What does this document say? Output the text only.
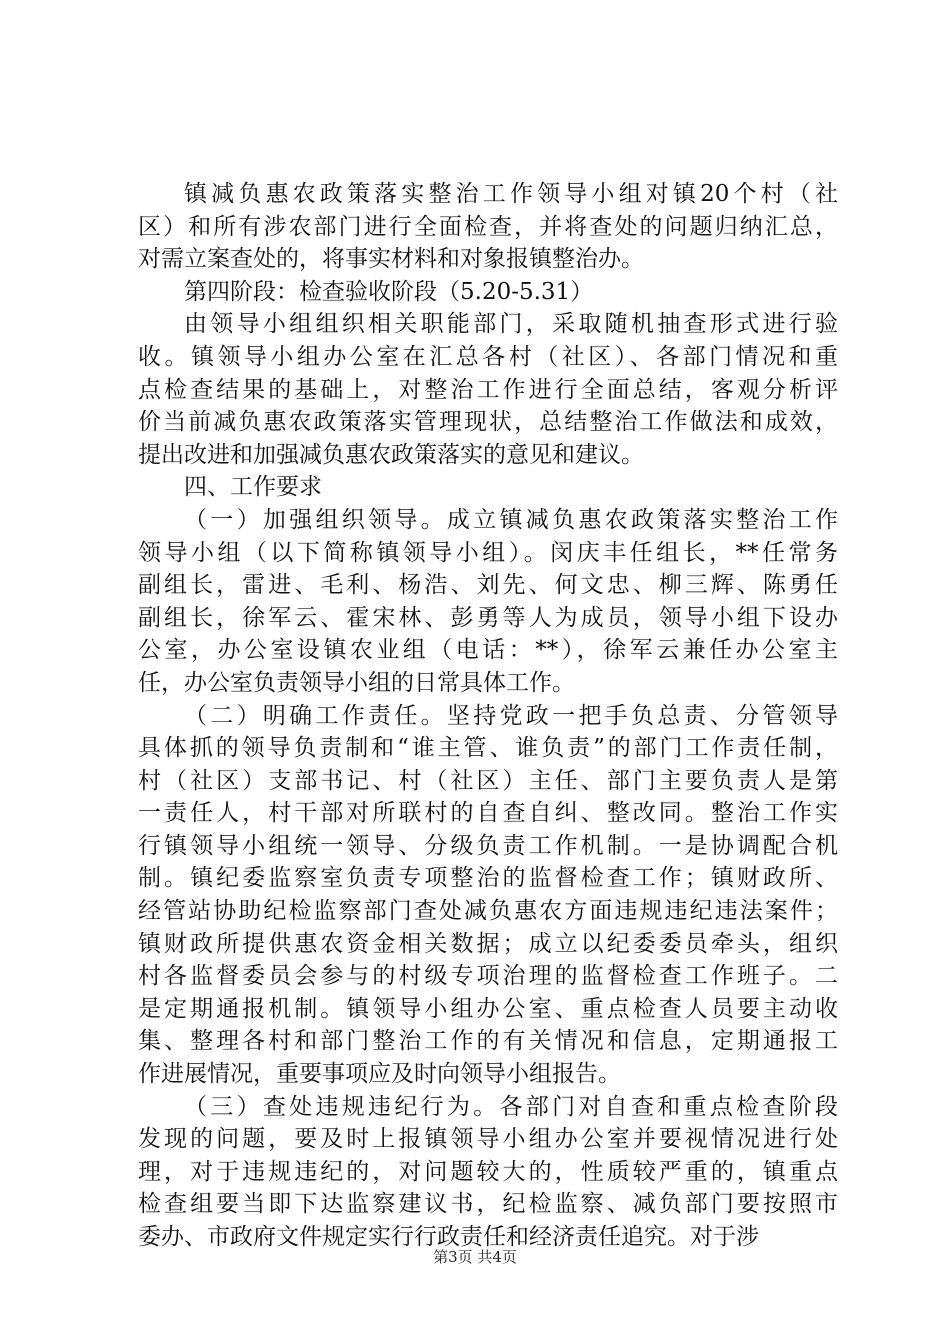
镇减负惠农政策落实整治工作领导小组对镇20个村（社
区）和所有涉农部门进行全面检查，并将查处的问题归纳汇总，
对需立案查处的，将事实材料和对象报镇整治办。
第四阶段：检查验收阶段（5.20-5.31）
由领导小组组织相关职能部门，采取随机抽查形式进行验
收。镇领导小组办公室在汇总各村（社区）、各部门情况和重
点检查结果的基础上，对整治工作进行全面总结，客观分析评
价当前减负惠农政策落实管理现状，总结整治工作做法和成效，
提出改进和加强减负惠农政策落实的意见和建议。
四、工作要求
（一）加强组织领导。成立镇减负惠农政策落实整治工作
领导小组（以下简称镇领导小组）。闵庆丰任组长，**任常务
副组长，雷进、毛利、杨浩、刘先、何文忠、柳三辉、陈勇任
副组长，徐军云、霍宋林、彭勇等人为成员，领导小组下设办
公室，办公室设镇农业组（电话：**），徐军云兼任办公室主
任，办公室负责领导小组的日常具体工作。
（二）明确工作责任。坚持党政一把手负总责、分管领导
具体抓的领导负责制和“谁主管、谁负责”的部门工作责任制，
村（社区）支部书记、村（社区）主任、部门主要负责人是第
一责任人，村干部对所联村的自查自纠、整改同。整治工作实
行镇领导小组统一领导、分级负责工作机制。一是协调配合机
制。镇纪委监察室负责专项整治的监督检查工作；镇财政所、
经管站协助纪检监察部门查处减负惠农方面违规违纪违法案件；
镇财政所提供惠农资金相关数据；成立以纪委委员牵头，组织
村各监督委员会参与的村级专项治理的监督检查工作班子。二
是定期通报机制。镇领导小组办公室、重点检查人员要主动收
集、整理各村和部门整治工作的有关情况和信息，定期通报工
作进展情况，重要事项应及时向领导小组报告。
（三）查处违规违纪行为。各部门对自查和重点检查阶段
发现的问题，要及时上报镇领导小组办公室并要视情况进行处
理，对于违规违纪的，对问题较大的，性质较严重的，镇重点
检查组要当即下达监察建议书，纪检监察、减负部门要按照市
委办、市政府文件规定实行行政责任和经济责任追究。对于涉
第3页 共4页
